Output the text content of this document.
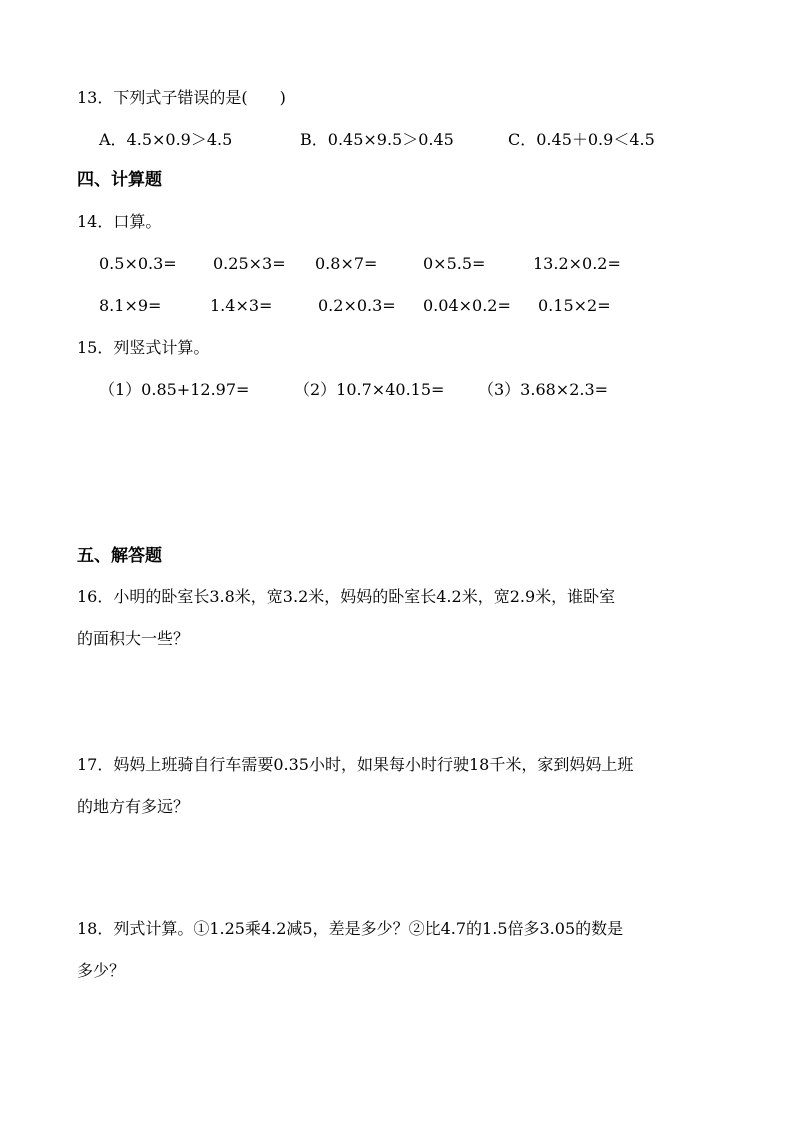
13．下列式子错误的是(　　)
A．4.5×0.9＞4.5	B．0.45×9.5＞0.45	C．0.45＋0.9＜4.5
四、计算题
14．口算。
0.5×0.3= 0.25×3= 0.8×7=	0×5.5=	13.2×0.2=
8.1×9=	1.4×3=	0.2×0.3= 0.04×0.2= 0.15×2=
15．列竖式计算。
（1）0.85+12.97=	（2）10.7×40.15= （3）3.68×2.3=
五、解答题
16．小明的卧室长3.8米，宽3.2米，妈妈的卧室长4.2米，宽2.9米，谁卧室
的面积大一些？
17．妈妈上班骑自行车需要0.35小时，如果每小时行驶18千米，家到妈妈上班
的地方有多远？
18．列式计算。①1.25乘4.2减5，差是多少？②比4.7的1.5倍多3.05的数是
多少？
